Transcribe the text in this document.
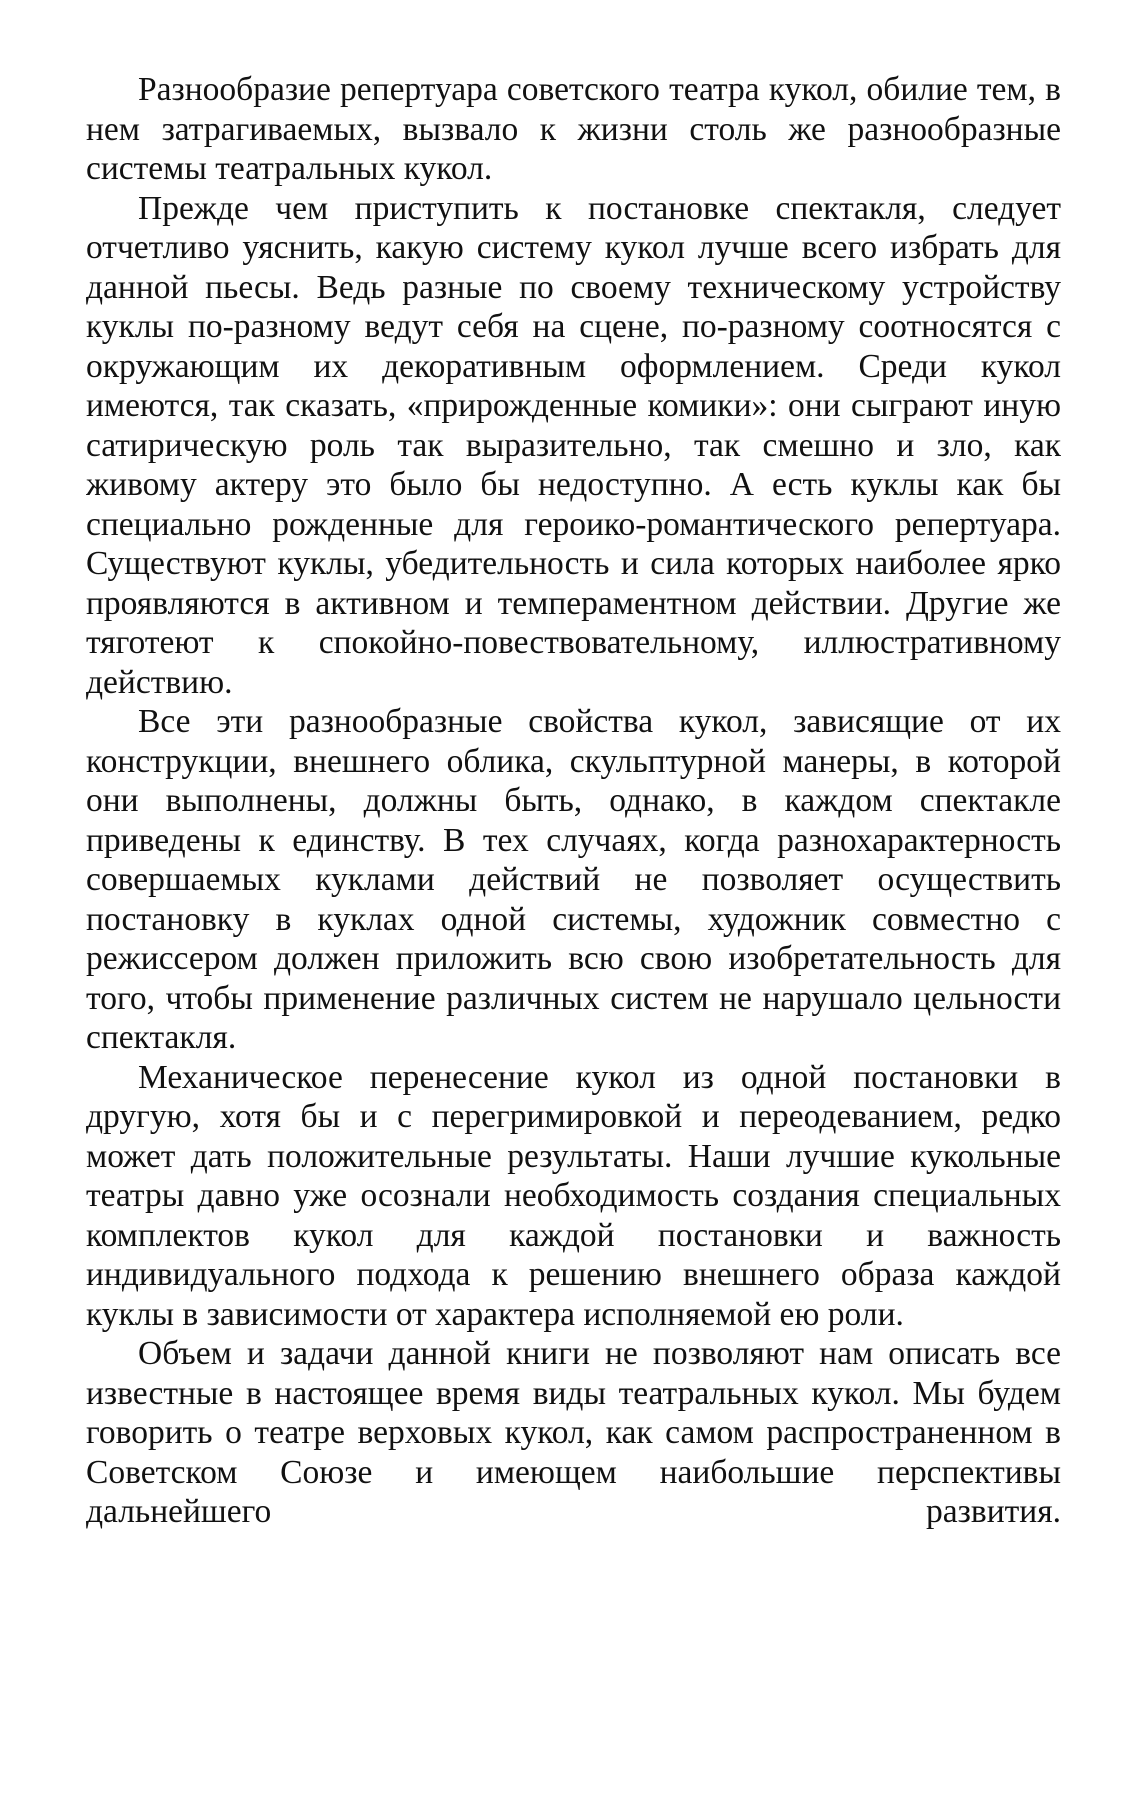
Разнообразие репертуара советского театра кукол, обилие тем, в нем затрагиваемых, вызвало к жизни столь же разнообразные системы театральных кукол.

Прежде чем приступить к постановке спектакля, следует отчетливо уяснить, какую систему кукол лучше всего избрать для данной пьесы. Ведь разные по своему техническому устройству куклы по-разному ведут себя на сцене, по-разному соотносятся с окружающим их декоративным оформлением. Среди кукол имеются, так сказать, «прирожденные комики»: они сыграют иную сатирическую роль так выразительно, так смешно и зло, как живому актеру это было бы недоступно. А есть куклы как бы специально рожденные для героико-романтического репертуара. Существуют куклы, убедительность и сила которых наиболее ярко проявляются в активном и темпераментном действии. Другие же тяготеют к спокойно-повествовательному, иллюстративному действию.

Все эти разнообразные свойства кукол, зависящие от их конструкции, внешнего облика, скульптурной манеры, в которой они выполнены, должны быть, однако, в каждом спектакле приведены к единству. В тех случаях, когда разнохарактерность совершаемых куклами действий не позволяет осуществить постановку в куклах одной системы, художник совместно с режиссером должен приложить всю свою изобретательность для того, чтобы применение различных систем не нарушало цельности спектакля.

Механическое перенесение кукол из одной постановки в другую, хотя бы и с перегримировкой и переодеванием, редко может дать положительные результаты. Наши лучшие кукольные театры давно уже осознали необходимость создания специальных комплектов кукол для каждой постановки и важность индивидуального подхода к решению внешнего образа каждой куклы в зависимости от характера исполняемой ею роли.

Объем и задачи данной книги не позволяют нам описать все известные в настоящее время виды театральных кукол. Мы будем говорить о театре верховых кукол, как самом распространенном в Советском Союзе и имеющем наибольшие перспективы дальнейшего развития.
